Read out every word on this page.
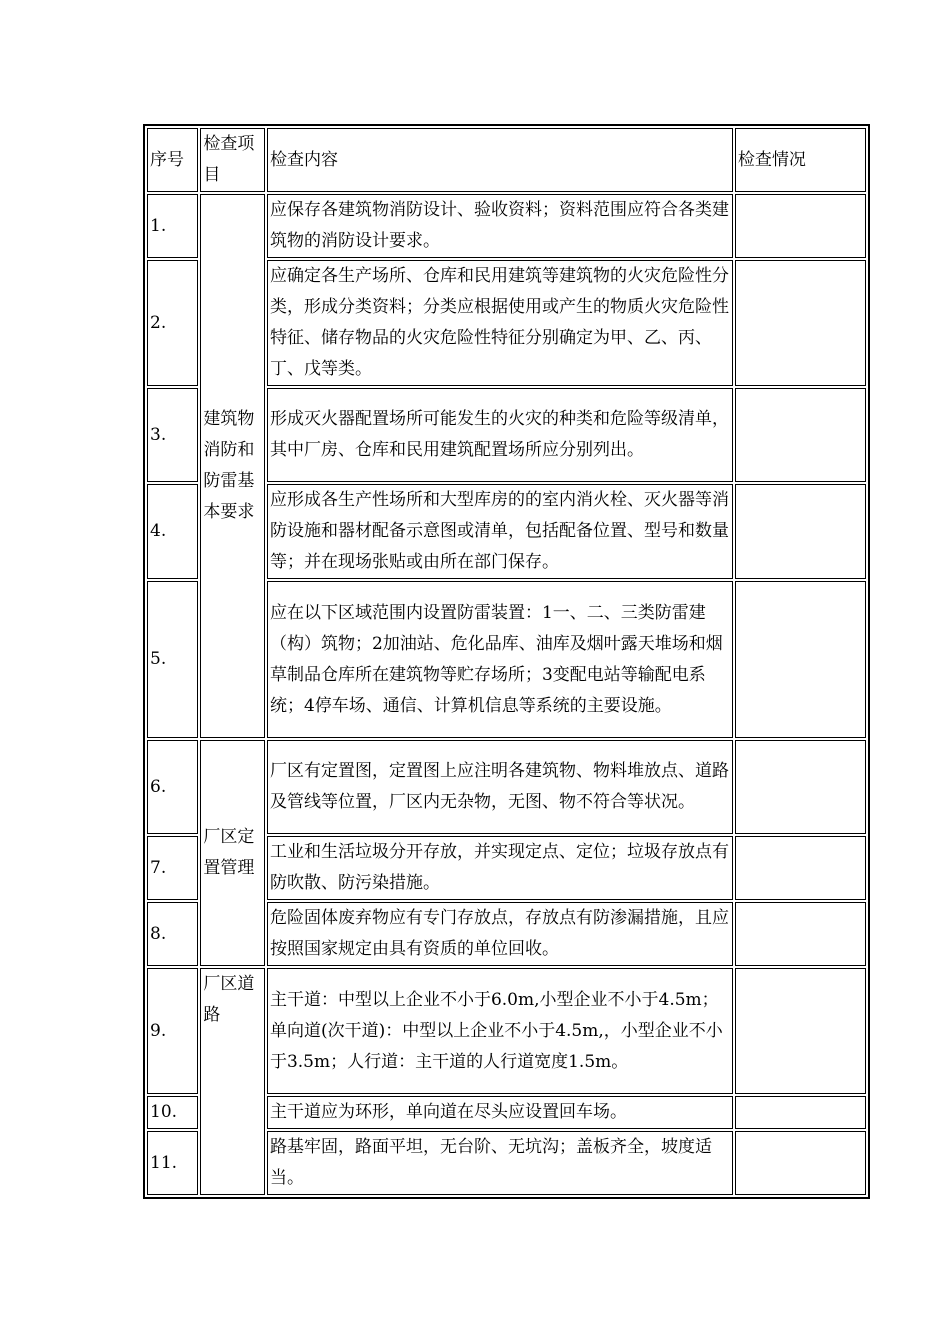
序号	检查项目	检查内容	检查情况
1.	建筑物消防和防雷基本要求	应保存各建筑物消防设计、验收资料；资料范围应符合各类建筑物的消防设计要求。	
2.		应确定各生产场所、仓库和民用建筑等建筑物的火灾危险性分类，形成分类资料；分类应根据使用或产生的物质火灾危险性特征、储存物品的火灾危险性特征分别确定为甲、乙、丙、丁、戊等类。	
3.		形成灭火器配置场所可能发生的火灾的种类和危险等级清单，其中厂房、仓库和民用建筑配置场所应分别列出。	
4.		应形成各生产性场所和大型库房的的室内消火栓、灭火器等消防设施和器材配备示意图或清单，包括配备位置、型号和数量等；并在现场张贴或由所在部门保存。	
5.		应在以下区域范围内设置防雷装置：1一、二、三类防雷建（构）筑物；2加油站、危化品库、油库及烟叶露天堆场和烟草制品仓库所在建筑物等贮存场所；3变配电站等输配电系统；4停车场、通信、计算机信息等系统的主要设施。	
6.	厂区定置管理	厂区有定置图，定置图上应注明各建筑物、物料堆放点、道路及管线等位置，厂区内无杂物，无图、物不符合等状况。	
7.		工业和生活垃圾分开存放，并实现定点、定位；垃圾存放点有防吹散、防污染措施。	
8.		危险固体废弃物应有专门存放点，存放点有防渗漏措施，且应按照国家规定由具有资质的单位回收。	
9.	厂区道路	主干道：中型以上企业不小于6.0m,小型企业不小于4.5m；单向道(次干道)：中型以上企业不小于4.5m,，小型企业不小于3.5m；人行道：主干道的人行道宽度1.5m。	
10.		主干道应为环形，单向道在尽头应设置回车场。	
11.		路基牢固，路面平坦，无台阶、无坑沟；盖板齐全，坡度适当。	
